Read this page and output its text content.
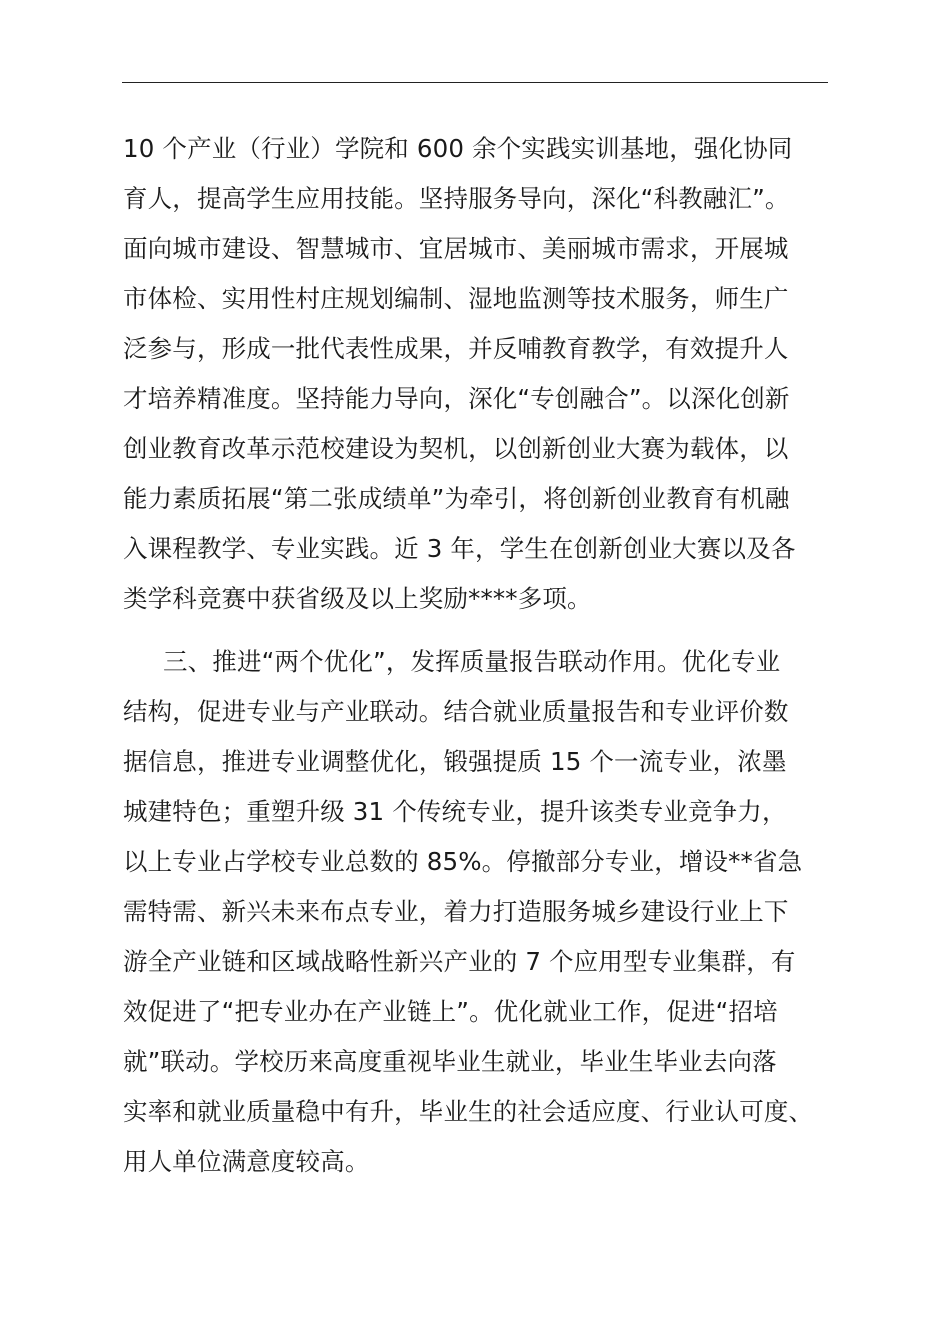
10 个产业（行业）学院和 600 余个实践实训基地，强化协同
育人，提高学生应用技能。坚持服务导向，深化“科教融汇”。
面向城市建设、智慧城市、宜居城市、美丽城市需求，开展城
市体检、实用性村庄规划编制、湿地监测等技术服务，师生广
泛参与，形成一批代表性成果，并反哺教育教学，有效提升人
才培养精准度。坚持能力导向，深化“专创融合”。以深化创新
创业教育改革示范校建设为契机，以创新创业大赛为载体，以
能力素质拓展“第二张成绩单”为牵引，将创新创业教育有机融
入课程教学、专业实践。近 3 年，学生在创新创业大赛以及各
类学科竞赛中获省级及以上奖励****多项。
三、推进“两个优化”，发挥质量报告联动作用。优化专业
结构，促进专业与产业联动。结合就业质量报告和专业评价数
据信息，推进专业调整优化，锻强提质 15 个一流专业，浓墨
城建特色；重塑升级 31 个传统专业，提升该类专业竞争力，
以上专业占学校专业总数的 85%。停撤部分专业，增设**省急
需特需、新兴未来布点专业，着力打造服务城乡建设行业上下
游全产业链和区域战略性新兴产业的 7 个应用型专业集群，有
效促进了“把专业办在产业链上”。优化就业工作，促进“招培
就”联动。学校历来高度重视毕业生就业，毕业生毕业去向落
实率和就业质量稳中有升，毕业生的社会适应度、行业认可度、
用人单位满意度较高。
